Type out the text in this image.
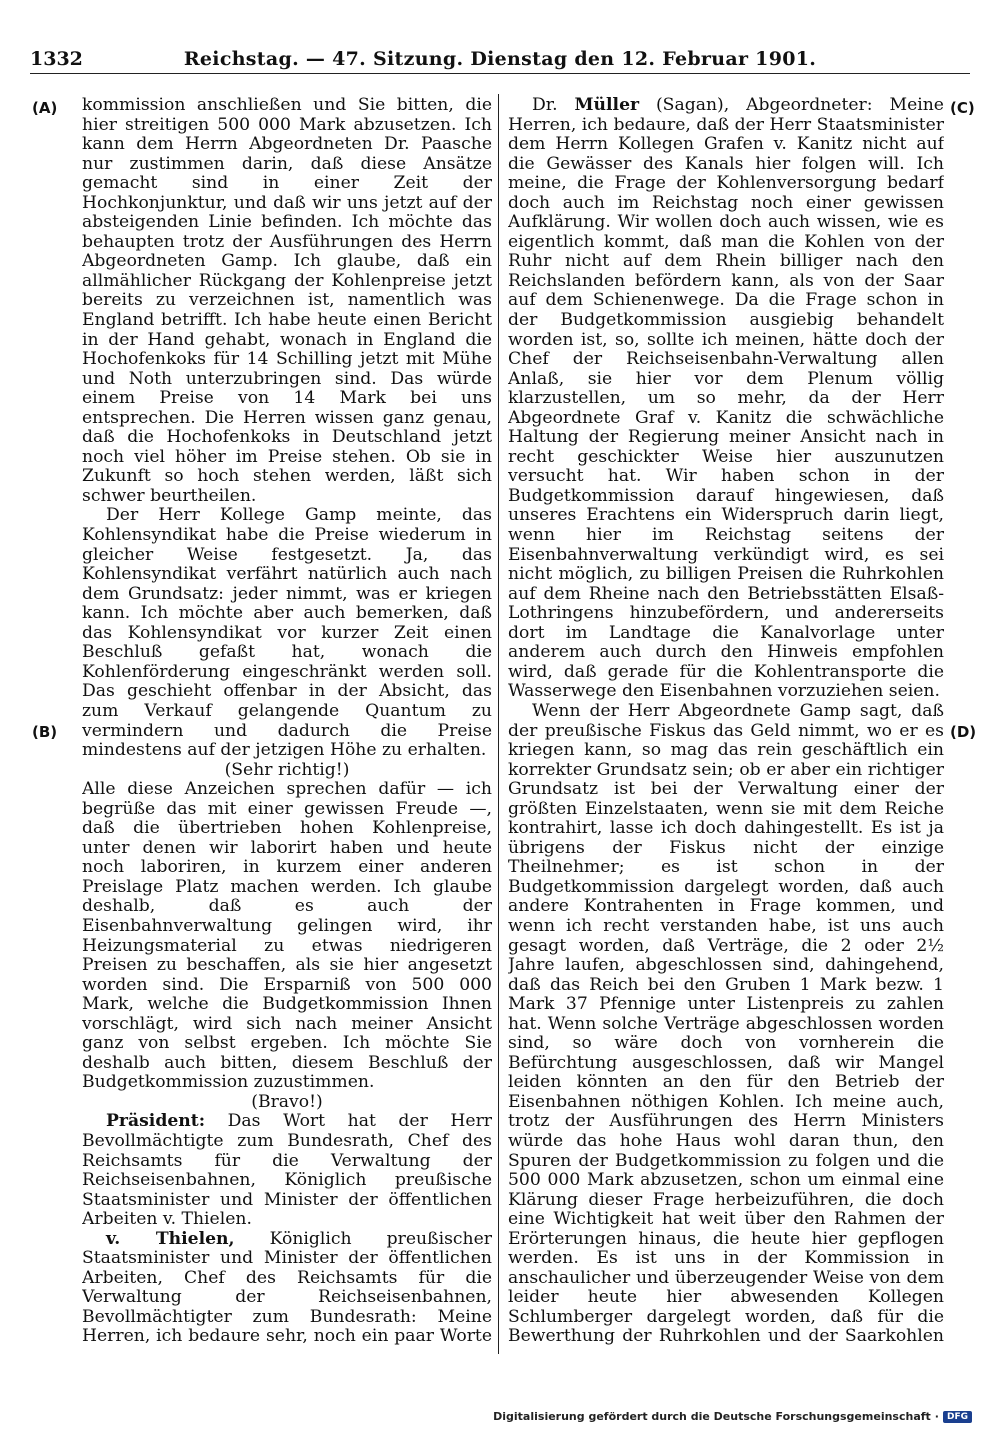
1332	Reichstag. — 47. Sitzung. Dienstag den 12. Februar 1901.
(A)
(B)
(C)
(D)

kommission anschließen und Sie bitten, die hier streitigen 500 000 Mark abzusetzen. Ich kann dem Herrn Abgeordneten Dr. Paasche nur zustimmen darin, daß diese Ansätze gemacht sind in einer Zeit der Hochkonjunktur, und daß wir uns jetzt auf der absteigenden Linie befinden. Ich möchte das behaupten trotz der Ausführungen des Herrn Abgeordneten Gamp. Ich glaube, daß ein allmählicher Rückgang der Kohlenpreise jetzt bereits zu verzeichnen ist, namentlich was England betrifft. Ich habe heute einen Bericht in der Hand gehabt, wonach in England die Hochofenkoks für 14 Schilling jetzt mit Mühe und Noth unterzubringen sind. Das würde einem Preise von 14 Mark bei uns entsprechen. Die Herren wissen ganz genau, daß die Hochofenkoks in Deutschland jetzt noch viel höher im Preise stehen. Ob sie in Zukunft so hoch stehen werden, läßt sich schwer beurtheilen.

Der Herr Kollege Gamp meinte, das Kohlensyndikat habe die Preise wiederum in gleicher Weise festgesetzt. Ja, das Kohlensyndikat verfährt natürlich auch nach dem Grundsatz: jeder nimmt, was er kriegen kann. Ich möchte aber auch bemerken, daß das Kohlensyndikat vor kurzer Zeit einen Beschluß gefaßt hat, wonach die Kohlenförderung eingeschränkt werden soll. Das geschieht offenbar in der Absicht, das zum Verkauf gelangende Quantum zu vermindern und dadurch die Preise mindestens auf der jetzigen Höhe zu erhalten.

(Sehr richtig!)

Alle diese Anzeichen sprechen dafür — ich begrüße das mit einer gewissen Freude —, daß die übertrieben hohen Kohlenpreise, unter denen wir laborirt haben und heute noch laboriren, in kurzem einer anderen Preislage Platz machen werden. Ich glaube deshalb, daß es auch der Eisenbahnverwaltung gelingen wird, ihr Heizungsmaterial zu etwas niedrigeren Preisen zu beschaffen, als sie hier angesetzt worden sind. Die Ersparniß von 500 000 Mark, welche die Budgetkommission Ihnen vorschlägt, wird sich nach meiner Ansicht ganz von selbst ergeben. Ich möchte Sie deshalb auch bitten, diesem Beschluß der Budgetkommission zuzustimmen.

(Bravo!)

Präsident: Das Wort hat der Herr Bevollmächtigte zum Bundesrath, Chef des Reichsamts für die Verwaltung der Reichseisenbahnen, Königlich preußische Staatsminister und Minister der öffentlichen Arbeiten v. Thielen.

v. Thielen, Königlich preußischer Staatsminister und Minister der öffentlichen Arbeiten, Chef des Reichsamts für die Verwaltung der Reichseisenbahnen, Bevollmächtigter zum Bundesrath: Meine Herren, ich bedaure sehr, noch ein paar Worte

Dr. Müller (Sagan), Abgeordneter: Meine Herren, ich bedaure, daß der Herr Staatsminister dem Herrn Kollegen Grafen v. Kanitz nicht auf die Gewässer des Kanals hier folgen will. Ich meine, die Frage der Kohlenversorgung bedarf doch auch im Reichstag noch einer gewissen Aufklärung. Wir wollen doch auch wissen, wie es eigentlich kommt, daß man die Kohlen von der Ruhr nicht auf dem Rhein billiger nach den Reichslanden befördern kann, als von der Saar auf dem Schienenwege. Da die Frage schon in der Budgetkommission ausgiebig behandelt worden ist, so, sollte ich meinen, hätte doch der Chef der Reichseisenbahn-Verwaltung allen Anlaß, sie hier vor dem Plenum völlig klarzustellen, um so mehr, da der Herr Abgeordnete Graf v. Kanitz die schwächliche Haltung der Regierung meiner Ansicht nach in recht geschickter Weise hier auszunutzen versucht hat. Wir haben schon in der Budgetkommission darauf hingewiesen, daß unseres Erachtens ein Widerspruch darin liegt, wenn hier im Reichstag seitens der Eisenbahnverwaltung verkündigt wird, es sei nicht möglich, zu billigen Preisen die Ruhrkohlen auf dem Rheine nach den Betriebsstätten Elsaß-Lothringens hinzubefördern, und andererseits dort im Landtage die Kanalvorlage unter anderem auch durch den Hinweis empfohlen wird, daß gerade für die Kohlentransporte die Wasserwege den Eisenbahnen vorzuziehen seien.

Wenn der Herr Abgeordnete Gamp sagt, daß der preußische Fiskus das Geld nimmt, wo er es kriegen kann, so mag das rein geschäftlich ein korrekter Grundsatz sein; ob er aber ein richtiger Grundsatz ist bei der Verwaltung einer der größten Einzelstaaten, wenn sie mit dem Reiche kontrahirt, lasse ich doch dahingestellt. Es ist ja übrigens der Fiskus nicht der einzige Theilnehmer; es ist schon in der Budgetkommission dargelegt worden, daß auch andere Kontrahenten in Frage kommen, und wenn ich recht verstanden habe, ist uns auch gesagt worden, daß Verträge, die 2 oder 2½ Jahre laufen, abgeschlossen sind, dahingehend, daß das Reich bei den Gruben 1 Mark bezw. 1 Mark 37 Pfennige unter Listenpreis zu zahlen hat. Wenn solche Verträge abgeschlossen worden sind, so wäre doch von vornherein die Befürchtung ausgeschlossen, daß wir Mangel leiden könnten an den für den Betrieb der Eisenbahnen nöthigen Kohlen. Ich meine auch, trotz der Ausführungen des Herrn Ministers würde das hohe Haus wohl daran thun, den Spuren der Budgetkommission zu folgen und die 500 000 Mark abzusetzen, schon um einmal eine Klärung dieser Frage herbeizuführen, die doch eine Wichtigkeit hat weit über den Rahmen der Erörterungen hinaus, die heute hier gepflogen werden. Es ist uns in der Kommission in anschaulicher und überzeugender Weise von dem leider heute hier abwesenden Kollegen Schlumberger dargelegt worden, daß für die Bewerthung der Ruhrkohlen und der Saarkohlen

Digitalisierung gefördert durch die Deutsche Forschungsgemeinschaft · DFG
